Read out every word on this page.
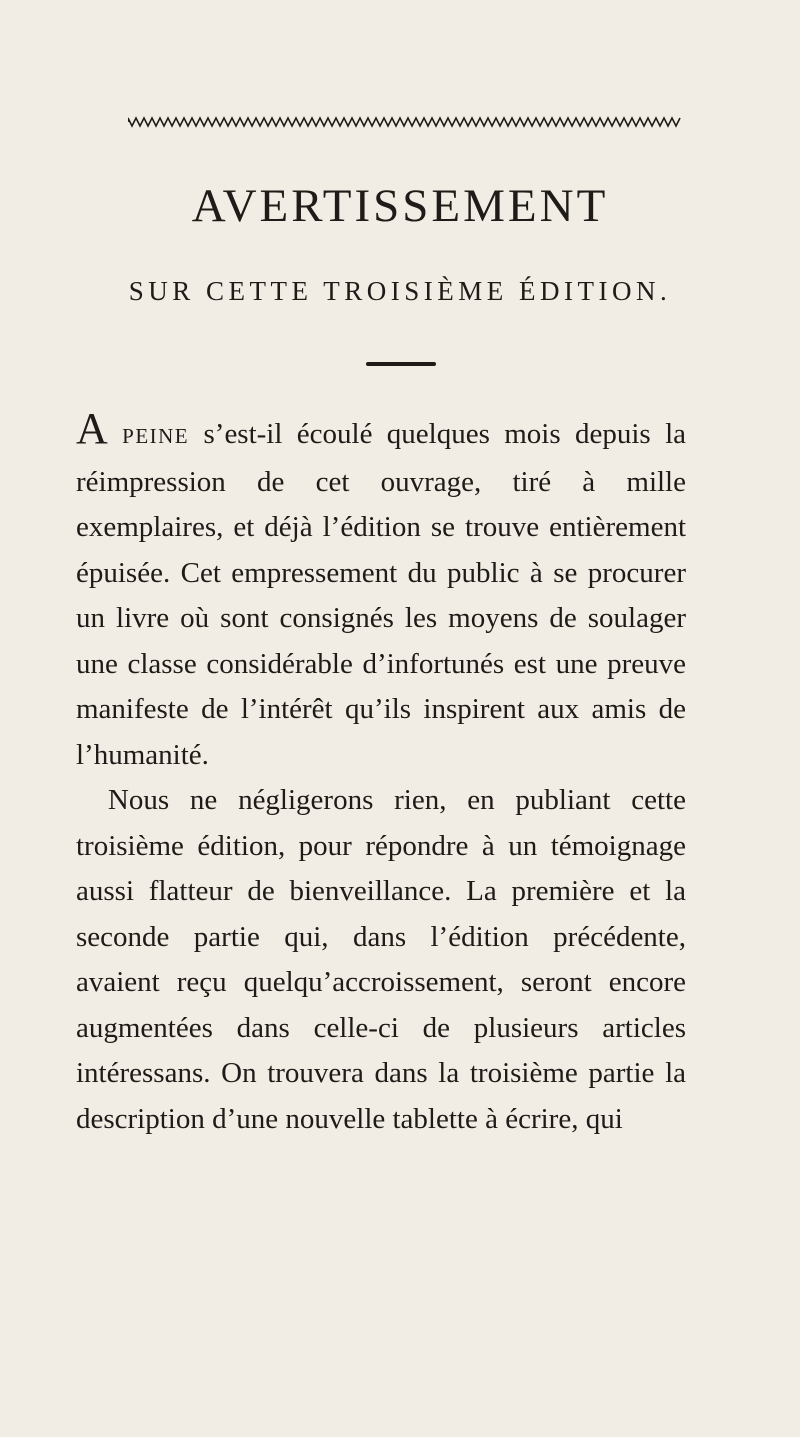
AVERTISSEMENT
SUR CETTE TROISIÈME ÉDITION.

A PEINE s’est-il écoulé quelques mois depuis la réimpression de cet ouvrage, tiré à mille exemplaires, et déjà l’édition se trouve entièrement épuisée. Cet empressement du public à se procurer un livre où sont consignés les moyens de soulager une classe considérable d’infortunés est une preuve manifeste de l’intérêt qu’ils inspirent aux amis de l’humanité.

Nous ne négligerons rien, en publiant cette troisième édition, pour répondre à un témoignage aussi flatteur de bienveillance. La première et la seconde partie qui, dans l’édition précédente, avaient reçu quelqu’accroissement, seront encore augmentées dans celle-ci de plusieurs articles intéressans. On trouvera dans la troisième partie la description d’une nouvelle tablette à écrire, qui
